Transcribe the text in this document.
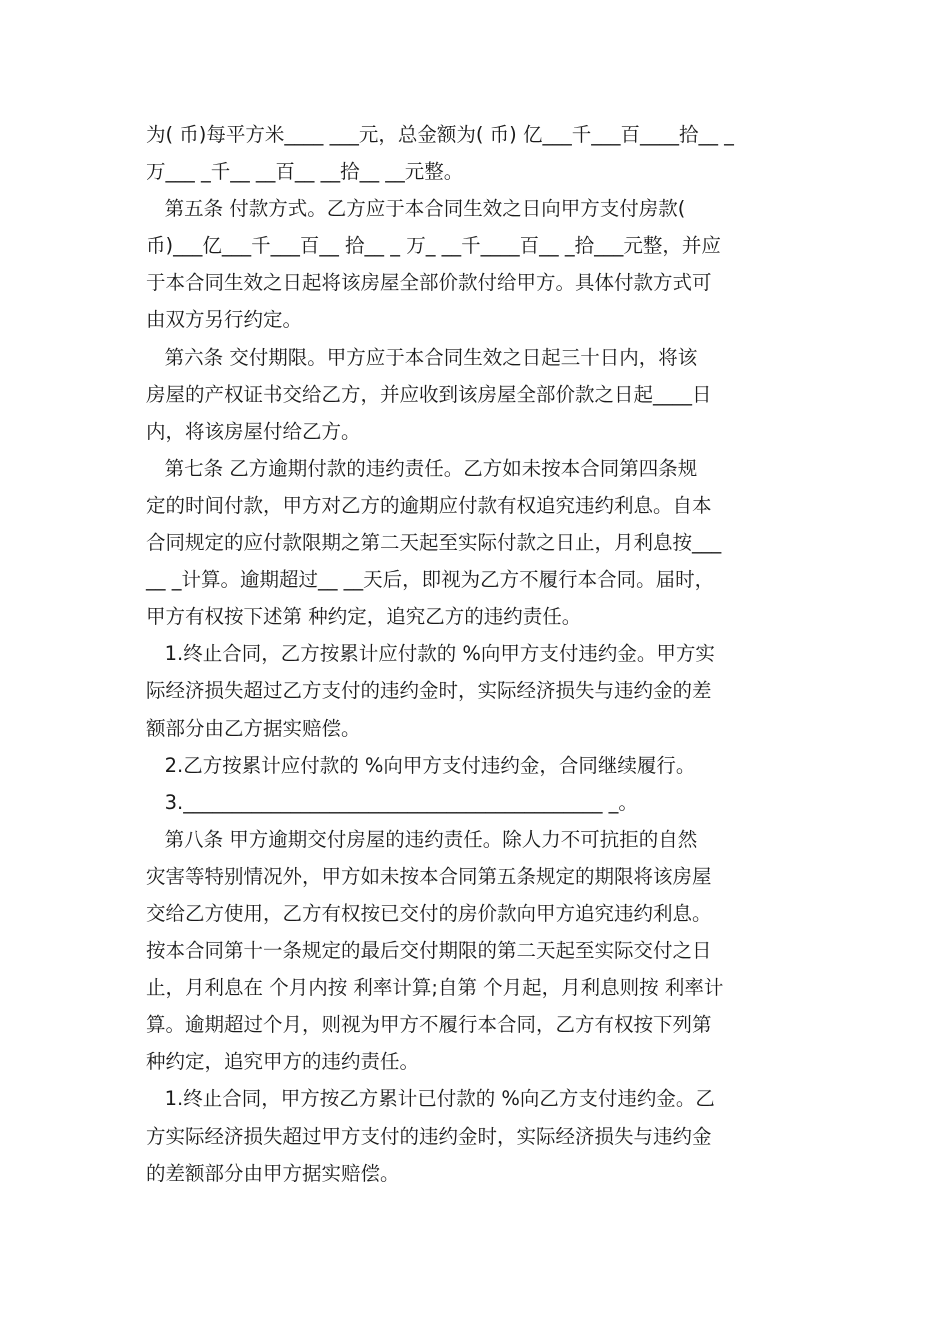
为( 币)每平方米____ ___元，总金额为( 币) 亿___千___百____拾__ _
万___ _千__ __百__ __拾__ __元整。
第五条 付款方式。乙方应于本合同生效之日向甲方支付房款(
币)___亿___千___百__ 拾__ _ 万_ __千____百__ _拾___元整，并应
于本合同生效之日起将该房屋全部价款付给甲方。具体付款方式可
由双方另行约定。
第六条 交付期限。甲方应于本合同生效之日起三十日内，将该
房屋的产权证书交给乙方，并应收到该房屋全部价款之日起____日
内，将该房屋付给乙方。
第七条 乙方逾期付款的违约责任。乙方如未按本合同第四条规
定的时间付款，甲方对乙方的逾期应付款有权追究违约利息。自本
合同规定的应付款限期之第二天起至实际付款之日止，月利息按___
__ _计算。逾期超过__ __天后，即视为乙方不履行本合同。届时，
甲方有权按下述第 种约定，追究乙方的违约责任。
1.终止合同，乙方按累计应付款的 %向甲方支付违约金。甲方实
际经济损失超过乙方支付的违约金时，实际经济损失与违约金的差
额部分由乙方据实赔偿。
2.乙方按累计应付款的 %向甲方支付违约金，合同继续履行。
3.___________________________________________ _。
第八条 甲方逾期交付房屋的违约责任。除人力不可抗拒的自然
灾害等特别情况外，甲方如未按本合同第五条规定的期限将该房屋
交给乙方使用，乙方有权按已交付的房价款向甲方追究违约利息。
按本合同第十一条规定的最后交付期限的第二天起至实际交付之日
止，月利息在 个月内按 利率计算;自第 个月起，月利息则按 利率计
算。逾期超过个月，则视为甲方不履行本合同，乙方有权按下列第
种约定，追究甲方的违约责任。
1.终止合同，甲方按乙方累计已付款的 %向乙方支付违约金。乙
方实际经济损失超过甲方支付的违约金时，实际经济损失与违约金
的差额部分由甲方据实赔偿。
